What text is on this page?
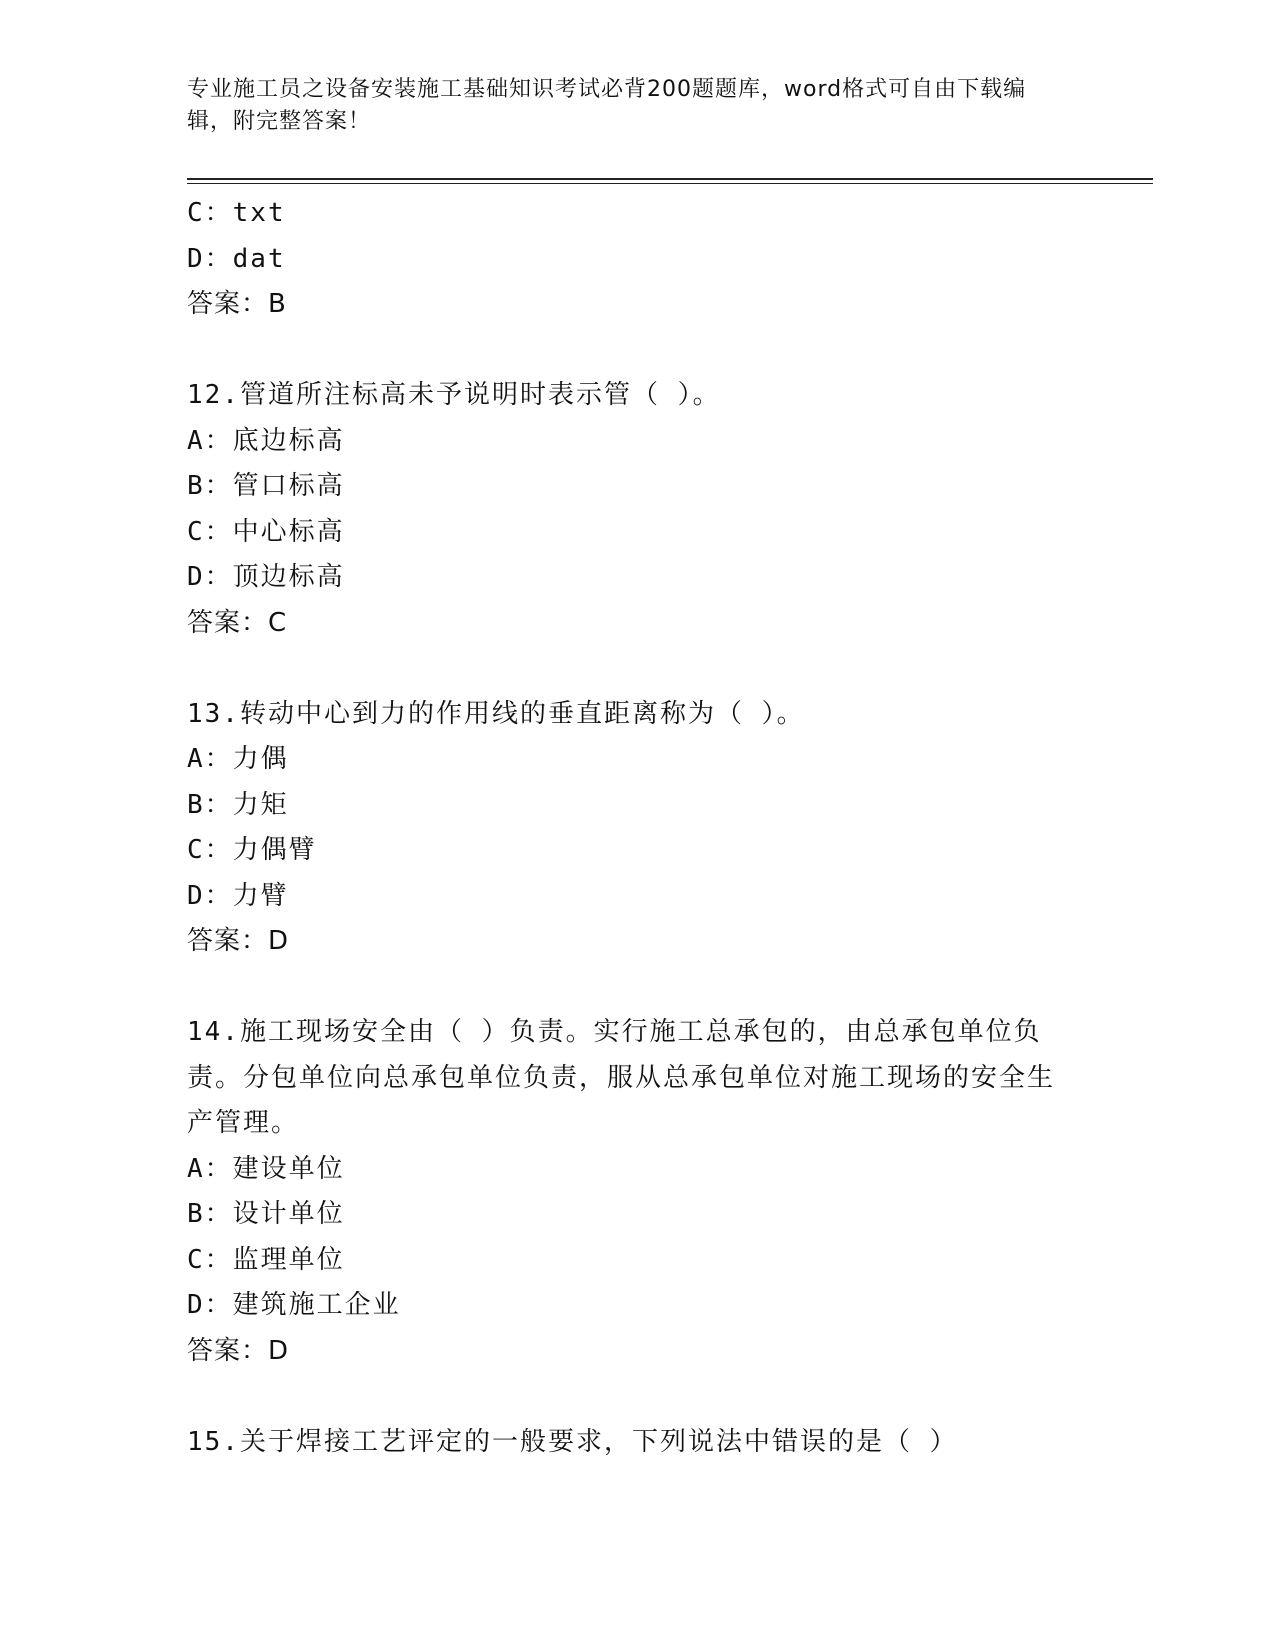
专业施工员之设备安装施工基础知识考试必背200题题库，word格式可自由下载编辑，附完整答案！
C：txt
D：dat
答案：B
12.管道所注标高未予说明时表示管（ ）。
A：底边标高
B：管口标高
C：中心标高
D：顶边标高
答案：C
13.转动中心到力的作用线的垂直距离称为（ ）。
A：力偶
B：力矩
C：力偶臂
D：力臂
答案：D
14.施工现场安全由（ ）负责。实行施工总承包的，由总承包单位负责。分包单位向总承包单位负责，服从总承包单位对施工现场的安全生产管理。
A：建设单位
B：设计单位
C：监理单位
D：建筑施工企业
答案：D
15.关于焊接工艺评定的一般要求，下列说法中错误的是（ ）
